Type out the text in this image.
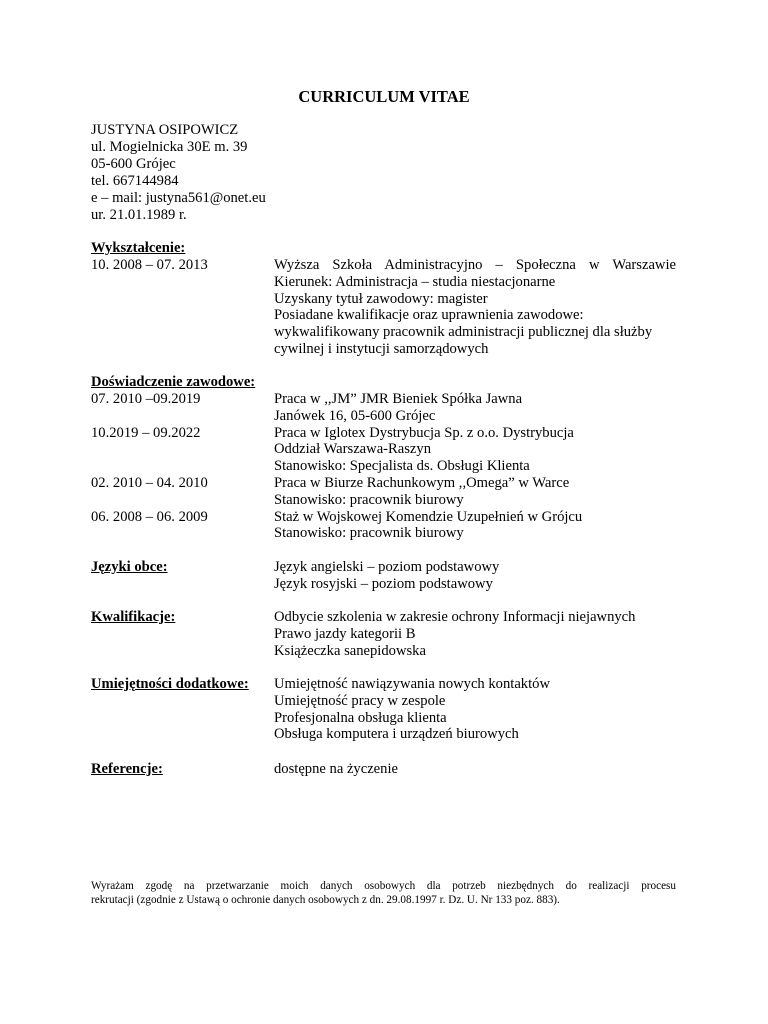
CURRICULUM VITAE
JUSTYNA OSIPOWICZ
ul. Mogielnicka 30E m. 39
05-600 Grójec
tel. 667144984
e – mail: justyna561@onet.eu
ur. 21.01.1989 r.
Wykształcenie:
10. 2008 – 07. 2013	Wyższa Szkoła Administracyjno – Społeczna w Warszawie
Kierunek: Administracja – studia niestacjonarne
Uzyskany tytuł zawodowy: magister
Posiadane kwalifikacje oraz uprawnienia zawodowe:
wykwalifikowany pracownik administracji publicznej dla służby
cywilnej i instytucji samorządowych
Doświadczenie zawodowe:
07. 2010 –09.2019	Praca w ,,JM” JMR Bieniek Spółka Jawna
Janówek 16, 05-600 Grójec
10.2019 – 09.2022	Praca w Iglotex Dystrybucja Sp. z o.o. Dystrybucja
Oddział Warszawa-Raszyn
Stanowisko: Specjalista ds. Obsługi Klienta
02. 2010 – 04. 2010	Praca w Biurze Rachunkowym ,,Omega” w Warce
Stanowisko: pracownik biurowy
06. 2008 – 06. 2009	Staż w Wojskowej Komendzie Uzupełnień w Grójcu
Stanowisko: pracownik biurowy
Języki obce:	Język angielski – poziom podstawowy
Język rosyjski – poziom podstawowy
Kwalifikacje:	Odbycie szkolenia w zakresie ochrony Informacji niejawnych
Prawo jazdy kategorii B
Książeczka sanepidowska
Umiejętności dodatkowe:	Umiejętność nawiązywania nowych kontaktów
Umiejętność pracy w zespole
Profesjonalna obsługa klienta
Obsługa komputera i urządzeń biurowych
Referencje:	dostępne na życzenie
Wyrażam zgodę na przetwarzanie moich danych osobowych dla potrzeb niezbędnych do realizacji procesu
rekrutacji (zgodnie z Ustawą o ochronie danych osobowych z dn. 29.08.1997 r. Dz. U. Nr 133 poz. 883).
